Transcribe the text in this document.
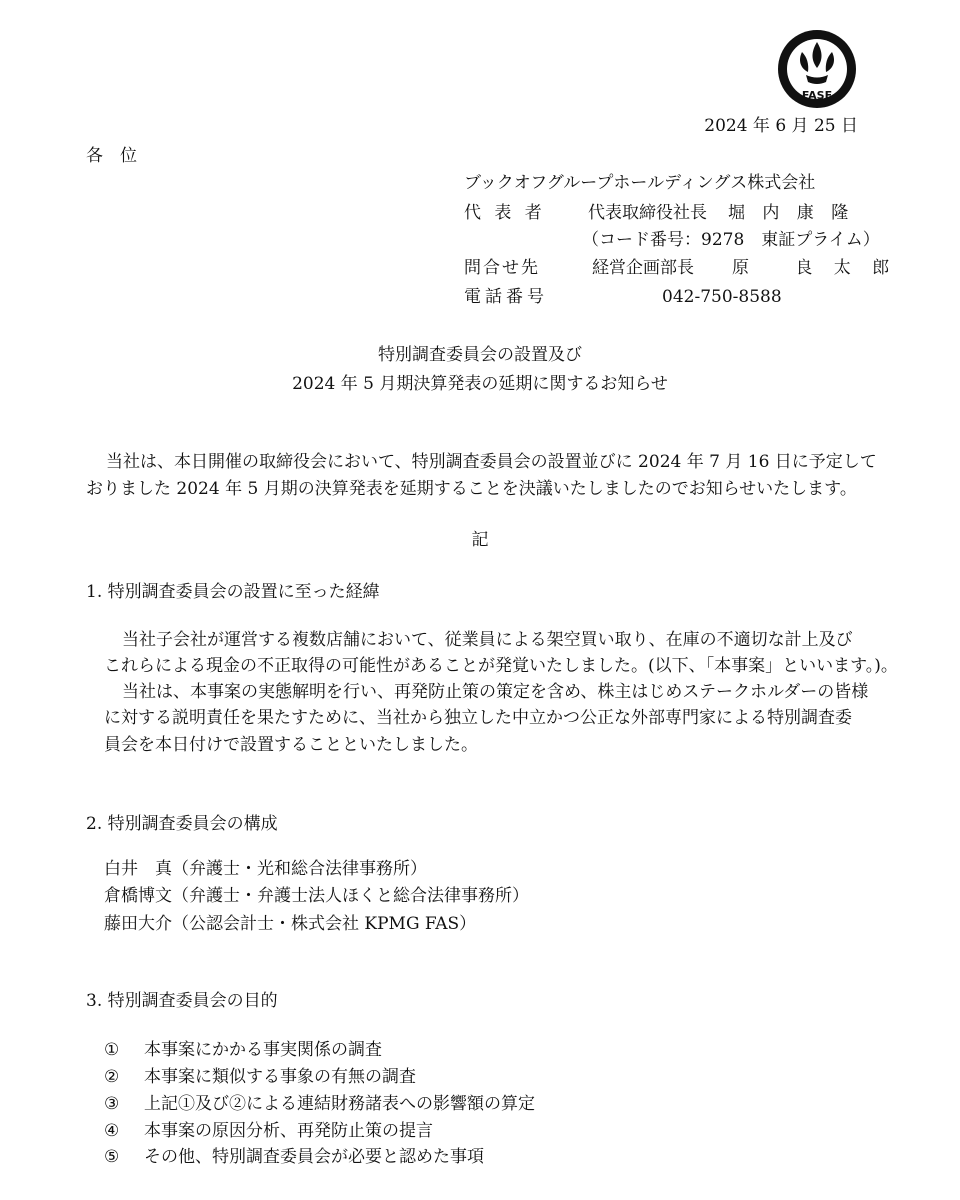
FASF
2024 年 6 月 25 日
各　位
ブックオフグループホールディングス株式会社
代 表 者 代表取締役社長 堀 内 康 隆
（コード番号：9278　東証プライム）
問合せ先	経営企画部長 原　 良 太 郎
電話番号	042-750-8588
特別調査委員会の設置及び
2024 年 5 月期決算発表の延期に関するお知らせ
当社は、本日開催の取締役会において、特別調査委員会の設置並びに 2024 年 7 月 16 日に予定して
おりました 2024 年 5 月期の決算発表を延期することを決議いたしましたのでお知らせいたします。
記
1. 特別調査委員会の設置に至った経緯
当社子会社が運営する複数店舗において、従業員による架空買い取り、在庫の不適切な計上及び
これらによる現金の不正取得の可能性があることが発覚いたしました。(以下、「本事案」といいます。)。
当社は、本事案の実態解明を行い、再発防止策の策定を含め、株主はじめステークホルダーの皆様
に対する説明責任を果たすために、当社から独立した中立かつ公正な外部専門家による特別調査委
員会を本日付けで設置することといたしました。
2. 特別調査委員会の構成
白井　真（弁護士・光和総合法律事務所）
倉橋博文（弁護士・弁護士法人ほくと総合法律事務所）
藤田大介（公認会計士・株式会社 KPMG FAS）
3. 特別調査委員会の目的
① 本事案にかかる事実関係の調査
② 本事案に類似する事象の有無の調査
③ 上記①及び②による連結財務諸表への影響額の算定
④ 本事案の原因分析、再発防止策の提言
⑤ その他、特別調査委員会が必要と認めた事項
